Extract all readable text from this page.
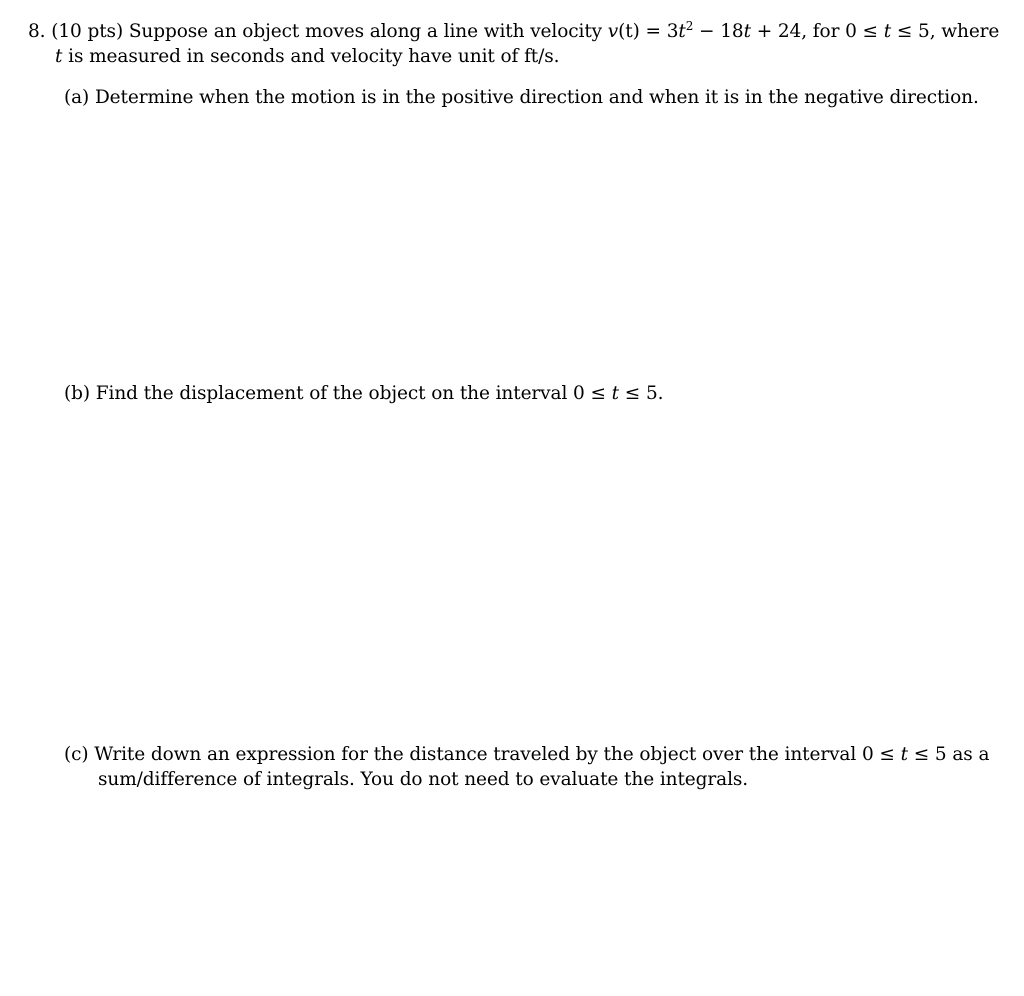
8. (10 pts) Suppose an object moves along a line with velocity $v(t) = 3t^2 - 18t + 24$, for 0 ≤ t ≤ 5, where
t is measured in seconds and velocity have unit of ft/s.
(a) Determine when the motion is in the positive direction and when it is in the negative direction.
(b) Find the displacement of the object on the interval 0 ≤ t ≤ 5.
(c) Write down an expression for the distance traveled by the object over the interval 0 ≤ t ≤ 5 as a
sum/difference of integrals. You do not need to evaluate the integrals.
